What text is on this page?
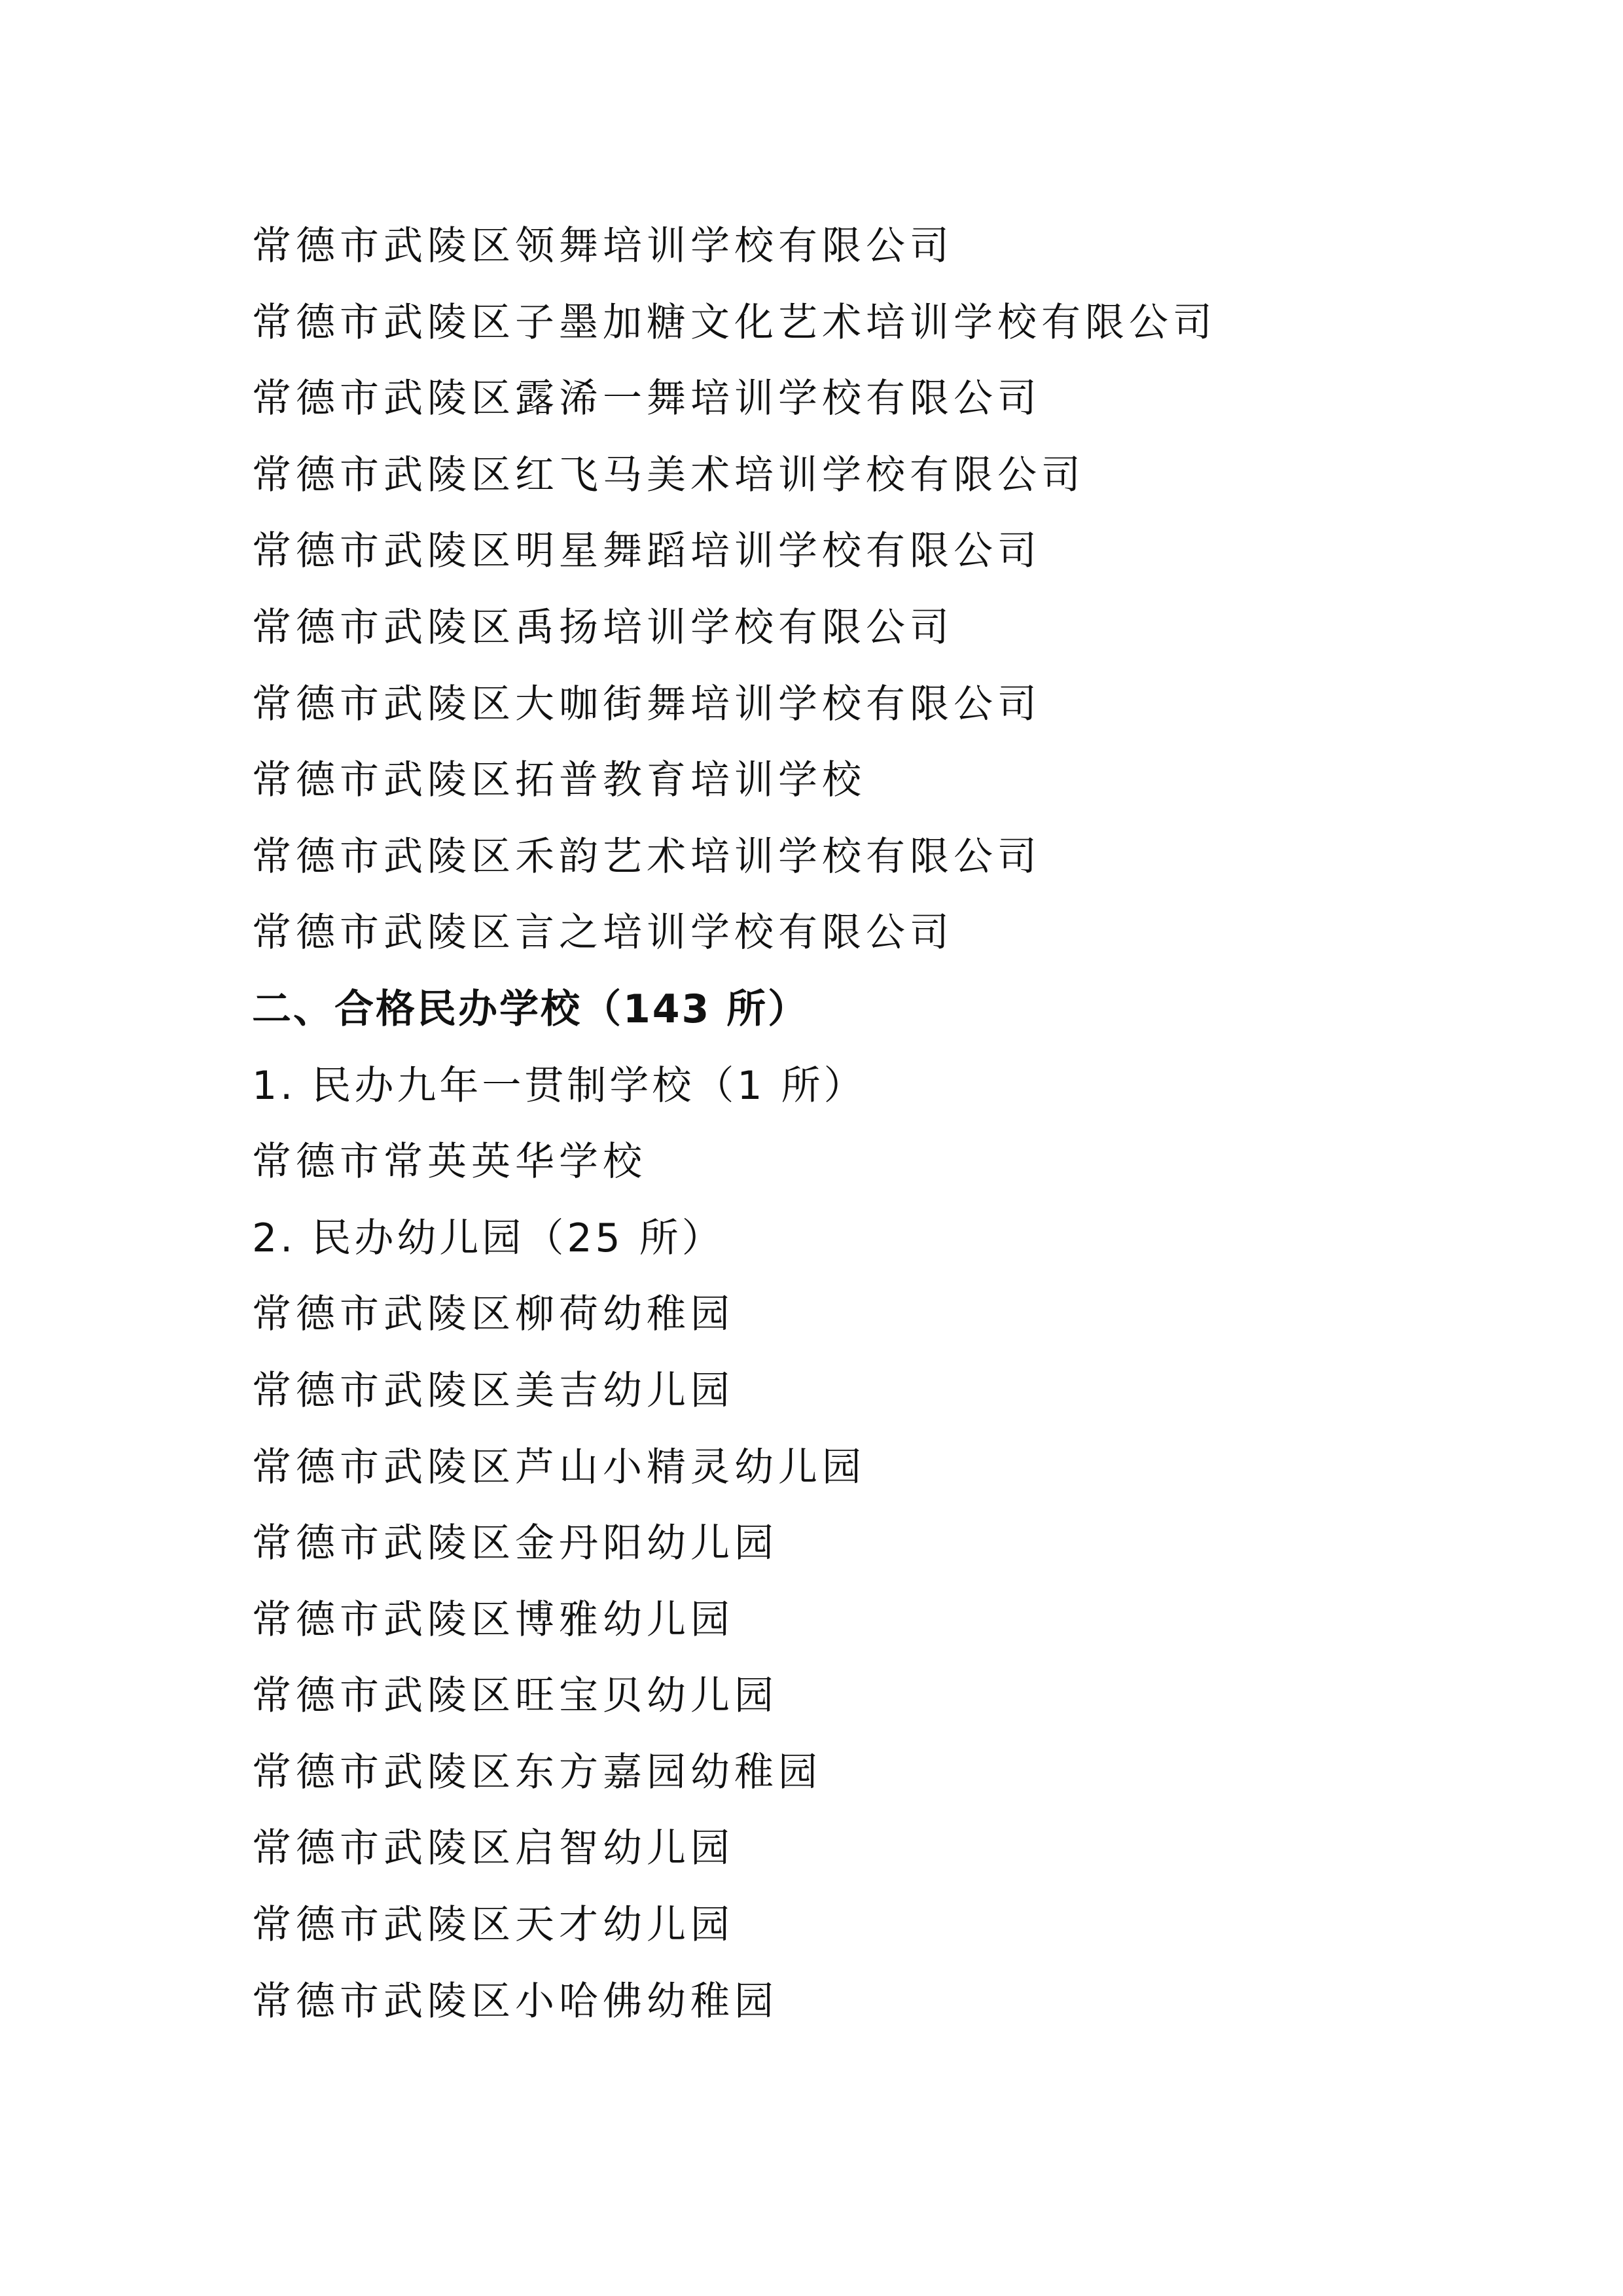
常德市武陵区领舞培训学校有限公司
常德市武陵区子墨加糖文化艺术培训学校有限公司
常德市武陵区露浠一舞培训学校有限公司
常德市武陵区红飞马美术培训学校有限公司
常德市武陵区明星舞蹈培训学校有限公司
常德市武陵区禹扬培训学校有限公司
常德市武陵区大咖街舞培训学校有限公司
常德市武陵区拓普教育培训学校
常德市武陵区禾韵艺术培训学校有限公司
常德市武陵区言之培训学校有限公司
二、合格民办学校（143 所）
1. 民办九年一贯制学校（1 所）
常德市常英英华学校
2. 民办幼儿园（25 所）
常德市武陵区柳荷幼稚园
常德市武陵区美吉幼儿园
常德市武陵区芦山小精灵幼儿园
常德市武陵区金丹阳幼儿园
常德市武陵区博雅幼儿园
常德市武陵区旺宝贝幼儿园
常德市武陵区东方嘉园幼稚园
常德市武陵区启智幼儿园
常德市武陵区天才幼儿园
常德市武陵区小哈佛幼稚园
